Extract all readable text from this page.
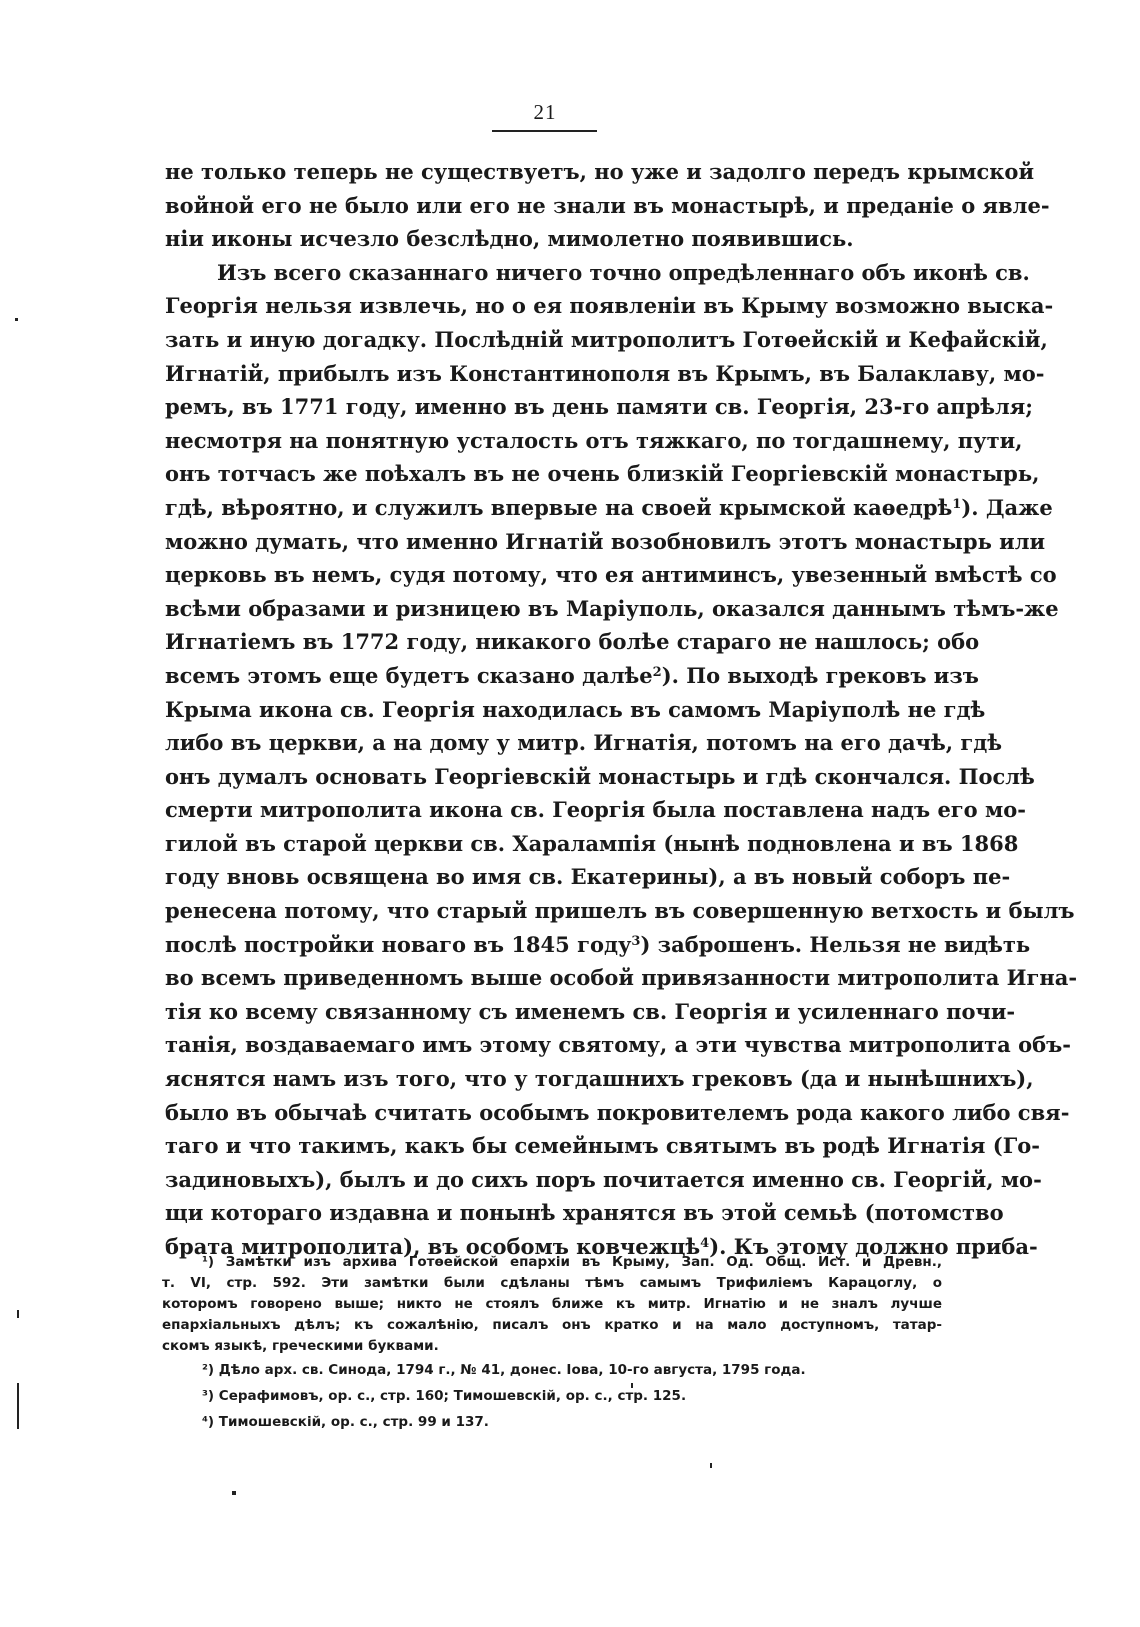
21
не только теперь не существуетъ, но уже и задолго передъ крымской
войной его не было или его не знали въ монастырѣ, и преданіе о явле-
ніи иконы исчезло безслѣдно, мимолетно появившись.
Изъ всего сказаннаго ничего точно опредѣленнаго объ иконѣ св.
Георгія нельзя извлечь, но о ея появленіи въ Крыму возможно выска-
зать и иную догадку. Послѣдній митрополитъ Готѳейскій и Кефайскій,
Игнатій, прибылъ изъ Константинополя въ Крымъ, въ Балаклаву, мо-
ремъ, въ 1771 году, именно въ день памяти св. Георгія, 23-го апрѣля;
несмотря на понятную усталость отъ тяжкаго, по тогдашнему, пути,
онъ тотчасъ же поѣхалъ въ не очень близкій Георгіевскій монастырь,
гдѣ, вѣроятно, и служилъ впервые на своей крымской каѳедрѣ$^1$). Даже
можно думать, что именно Игнатій возобновилъ этотъ монастырь или
церковь въ немъ, судя потому, что ея антиминсъ, увезенный вмѣстѣ со
всѣми образами и ризницею въ Маріуполь, оказался даннымъ тѣмъ-же
Игнатіемъ въ 1772 году, никакого болѣе стараго не нашлось; обо
всемъ этомъ еще будетъ сказано далѣе$^2$). По выходѣ грековъ изъ
Крыма икона св. Георгія находилась въ самомъ Маріуполѣ не гдѣ
либо въ церкви, а на дому у митр. Игнатія, потомъ на его дачѣ, гдѣ
онъ думалъ основать Георгіевскій монастырь и гдѣ скончался. Послѣ
смерти митрополита икона св. Георгія была поставлена надъ его мо-
гилой въ старой церкви св. Харалампія (нынѣ подновлена и въ 1868
году вновь освящена во имя св. Екатерины), а въ новый соборъ пе-
ренесена потому, что старый пришелъ въ совершенную ветхость и былъ
послѣ постройки новаго въ 1845 году$^3$) заброшенъ. Нельзя не видѣть
во всемъ приведенномъ выше особой привязанности митрополита Игна-
тія ко всему связанному съ именемъ св. Георгія и усиленнаго почи-
танія, воздаваемаго имъ этому святому, а эти чувства митрополита объ-
яснятся намъ изъ того, что у тогдашнихъ грековъ (да и нынѣшнихъ),
было въ обычаѣ считать особымъ покровителемъ рода какого либо свя-
таго и что такимъ, какъ бы семейнымъ святымъ въ родѣ Игнатія (Го-
задиновыхъ), былъ и до сихъ поръ почитается именно св. Георгій, мо-
щи котораго издавна и понынѣ хранятся въ этой семьѣ (потомство
брата митрополита), въ особомъ ковчежцѣ$^4$). Къ этому должно приба-
¹) Замѣтки изъ архива Готѳейской епархіи въ Крыму, Зап. Од. Общ. Ист. и Древн.,
т. VI, стр. 592. Эти замѣтки были сдѣланы тѣмъ самымъ Трифиліемъ Карацоглу, о
которомъ говорено выше; никто не стоялъ ближе къ митр. Игнатію и не зналъ лучше
епархіальныхъ дѣлъ; къ сожалѣнію, писалъ онъ кратко и на мало доступномъ, татар-
скомъ языкѣ, греческими буквами.
²) Дѣло арх. св. Синода, 1794 г., № 41, донес. Іова, 10-го августа, 1795 года.
³) Серафимовъ, ор. с., стр. 160; Тимошевскій, ор. с., стр. 125.
⁴) Тимошевскій, ор. с., стр. 99 и 137.
